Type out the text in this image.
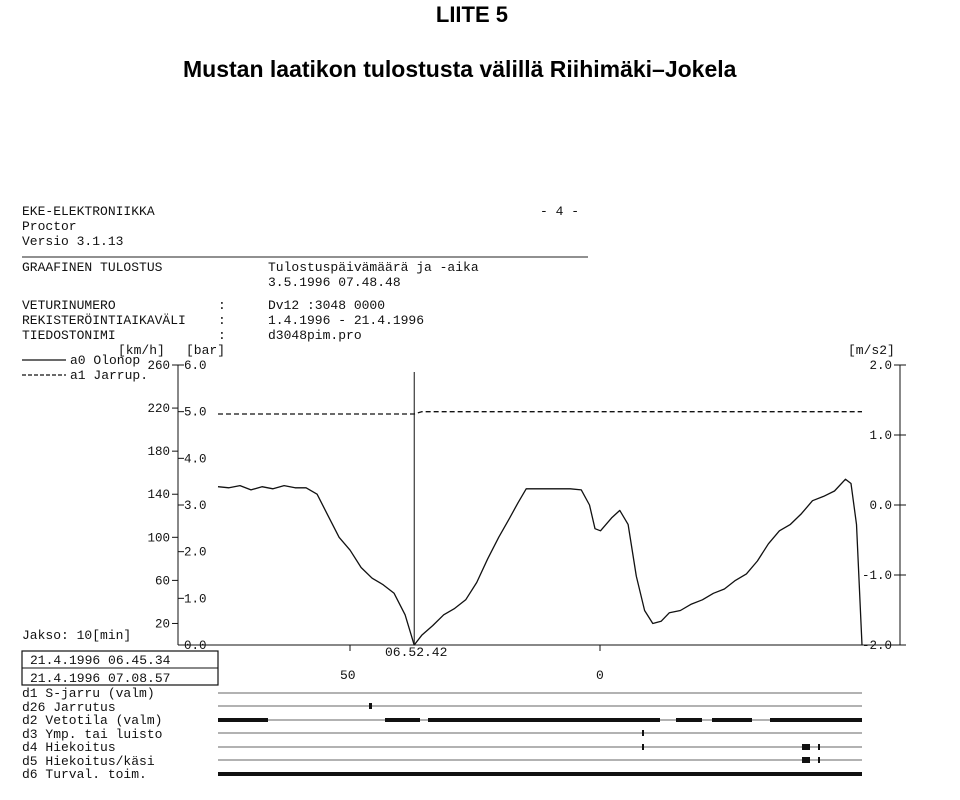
LIITE 5
Mustan laatikon tulostusta välillä Riihimäki–Jokela
EKE-ELEKTRONIIKKA
Proctor
Versio 3.1.13
- 4 -
GRAAFINEN TULOSTUS	Tulostuspäivämäärä ja -aika
3.5.1996 07.48.48
VETURINUMERO	:	Dv12 :3048 0000
REKISTERÖINTIAIKAVÄLI :	1.4.1996 - 21.4.1996
TIEDOSTONIMI	:	d3048pim.pro
[km/h] [bar]	[m/s2]
a0 Olonop
a1 Jarrup.
Jakso: 10[min]
21.4.1996 06.45.34
21.4.1996 07.08.57
06.52.42
50	0
d1 S-jarru (valm)
d26 Jarrutus
d2 Vetotila (valm)
d3 Ymp. tai luisto
d4 Hiekoitus
d5 Hiekoitus/käsi
d6 Turval. toim.
20
60
100
140
180
220
260
0.0
1.0
2.0
3.0
4.0
5.0
6.0
-2.0
-1.0
0.0
1.0
2.0
